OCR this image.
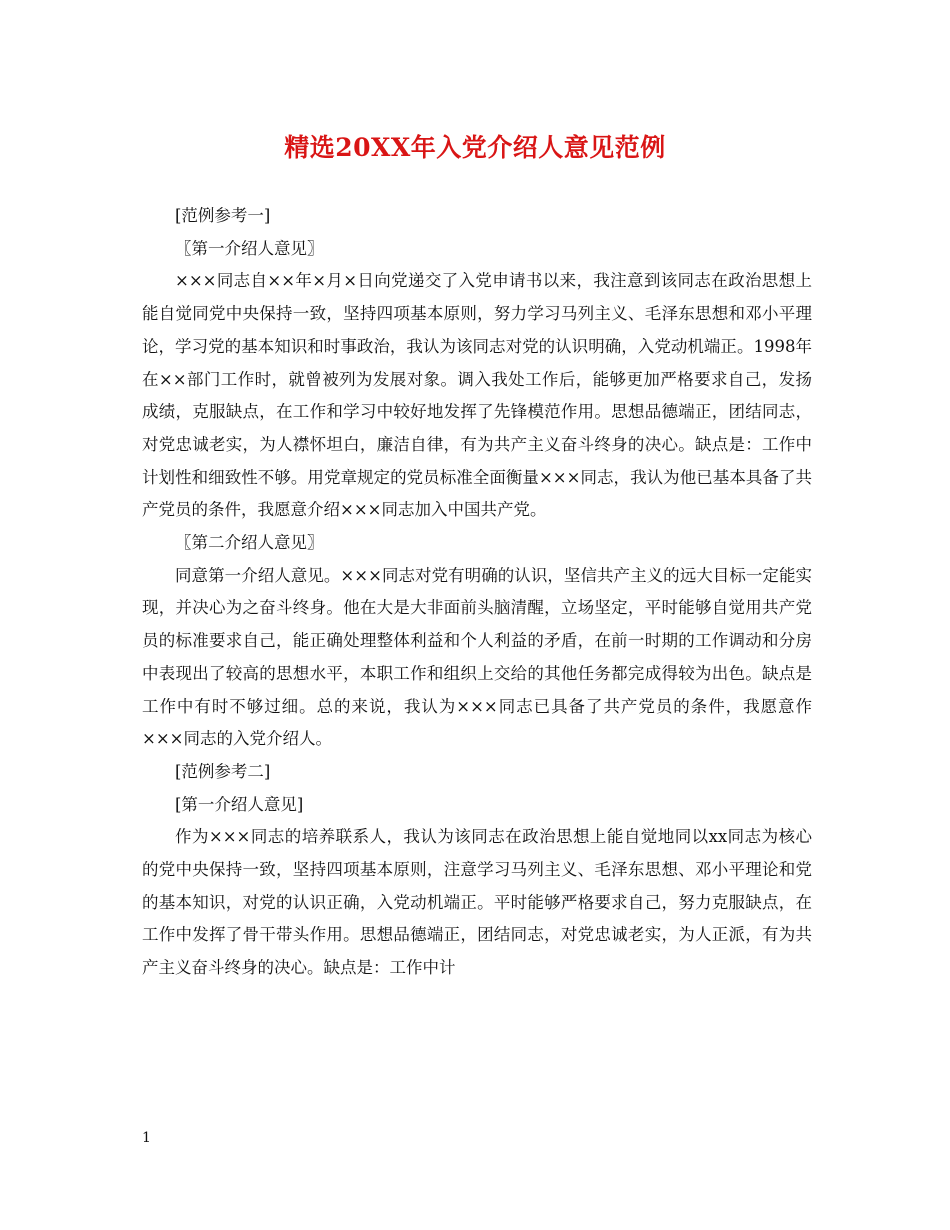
精选20XX年入党介绍人意见范例

[范例参考一]

〖第一介绍人意见〗

×××同志自××年×月×日向党递交了入党申请书以来，我注意到该同志在政治思想上能自觉同党中央保持一致，坚持四项基本原则，努力学习马列主义、毛泽东思想和邓小平理论，学习党的基本知识和时事政治，我认为该同志对党的认识明确，入党动机端正。1998年在××部门工作时，就曾被列为发展对象。调入我处工作后，能够更加严格要求自己，发扬成绩，克服缺点，在工作和学习中较好地发挥了先锋模范作用。思想品德端正，团结同志，对党忠诚老实，为人襟怀坦白，廉洁自律，有为共产主义奋斗终身的决心。缺点是：工作中计划性和细致性不够。用党章规定的党员标准全面衡量×××同志，我认为他已基本具备了共产党员的条件，我愿意介绍×××同志加入中国共产党。

〖第二介绍人意见〗

同意第一介绍人意见。×××同志对党有明确的认识，坚信共产主义的远大目标一定能实现，并决心为之奋斗终身。他在大是大非面前头脑清醒，立场坚定，平时能够自觉用共产党员的标准要求自己，能正确处理整体利益和个人利益的矛盾，在前一时期的工作调动和分房中表现出了较高的思想水平，本职工作和组织上交给的其他任务都完成得较为出色。缺点是工作中有时不够过细。总的来说，我认为×××同志已具备了共产党员的条件，我愿意作×××同志的入党介绍人。

[范例参考二]

[第一介绍人意见]

作为×××同志的培养联系人，我认为该同志在政治思想上能自觉地同以xx同志为核心的党中央保持一致，坚持四项基本原则，注意学习马列主义、毛泽东思想、邓小平理论和党的基本知识，对党的认识正确，入党动机端正。平时能够严格要求自己，努力克服缺点，在工作中发挥了骨干带头作用。思想品德端正，团结同志，对党忠诚老实，为人正派，有为共产主义奋斗终身的决心。缺点是：工作中计

1
